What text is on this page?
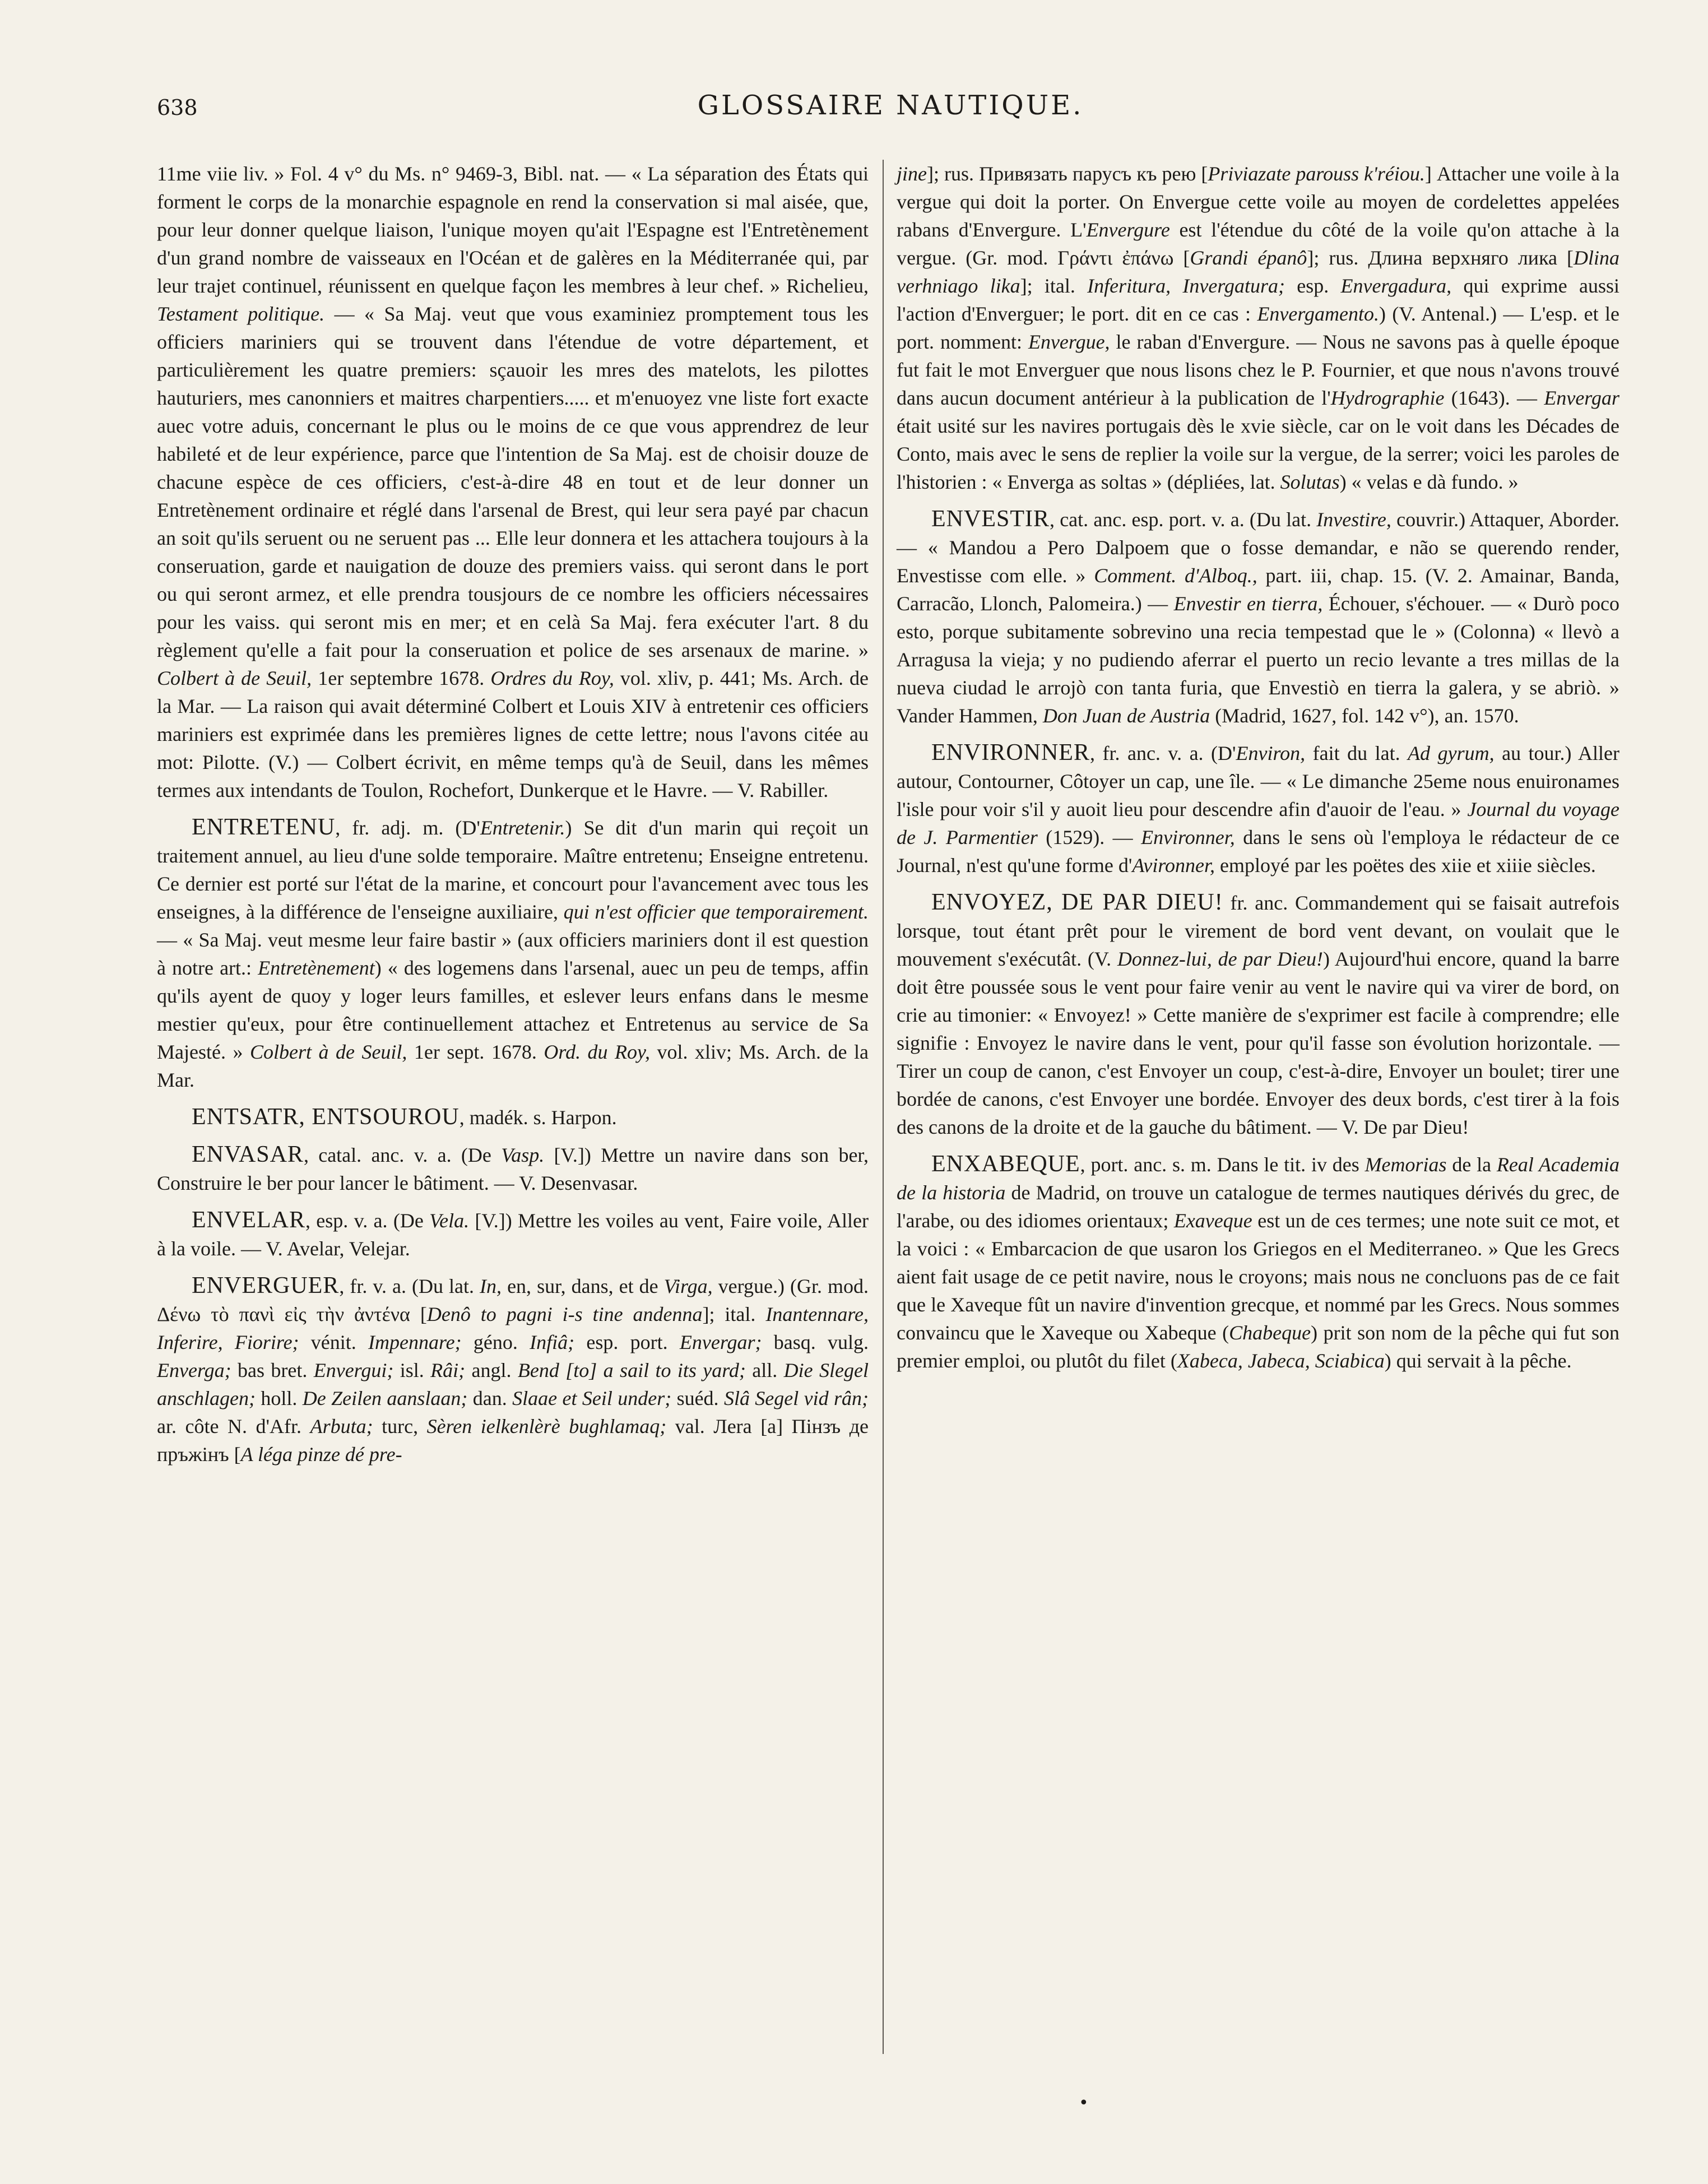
638	GLOSSAIRE NAUTIQUE.

11me viie liv. » Fol. 4 v° du Ms. n° 9469-3, Bibl. nat. — « La séparation des États qui forment le corps de la monarchie espagnole en rend la conservation si mal aisée, que, pour leur donner quelque liaison, l'unique moyen qu'ait l'Espagne est l'Entretènement d'un grand nombre de vaisseaux en l'Océan et de galères en la Méditerranée qui, par leur trajet continuel, réunissent en quelque façon les membres à leur chef. » Richelieu, Testament politique. — « Sa Maj. veut que vous examiniez promptement tous les officiers mariniers qui se trouvent dans l'étendue de votre département, et particulièrement les quatre premiers: sçauoir les mres des matelots, les pilottes hauturiers, mes canonniers et maitres charpentiers..... et m'enuoyez vne liste fort exacte auec votre aduis, concernant le plus ou le moins de ce que vous apprendrez de leur habileté et de leur expérience, parce que l'intention de Sa Maj. est de choisir douze de chacune espèce de ces officiers, c'est-à-dire 48 en tout et de leur donner un Entretènement ordinaire et réglé dans l'arsenal de Brest, qui leur sera payé par chacun an soit qu'ils seruent ou ne seruent pas ... Elle leur donnera et les attachera toujours à la conseruation, garde et nauigation de douze des premiers vaiss. qui seront dans le port ou qui seront armez, et elle prendra tousjours de ce nombre les officiers nécessaires pour les vaiss. qui seront mis en mer; et en celà Sa Maj. fera exécuter l'art. 8 du règlement qu'elle a fait pour la conseruation et police de ses arsenaux de marine. » Colbert à de Seuil, 1er septembre 1678. Ordres du Roy, vol. xliv, p. 441; Ms. Arch. de la Mar. — La raison qui avait déterminé Colbert et Louis XIV à entretenir ces officiers mariniers est exprimée dans les premières lignes de cette lettre; nous l'avons citée au mot: Pilotte. (V.) — Colbert écrivit, en même temps qu'à de Seuil, dans les mêmes termes aux intendants de Toulon, Rochefort, Dunkerque et le Havre. — V. Rabiller.

ENTRETENU, fr. adj. m. (D'Entretenir.) Se dit d'un marin qui reçoit un traitement annuel, au lieu d'une solde temporaire. Maître entretenu; Enseigne entretenu. Ce dernier est porté sur l'état de la marine, et concourt pour l'avancement avec tous les enseignes, à la différence de l'enseigne auxiliaire, qui n'est officier que temporairement. — « Sa Maj. veut mesme leur faire bastir » (aux officiers mariniers dont il est question à notre art.: Entretènement) « des logemens dans l'arsenal, auec un peu de temps, affin qu'ils ayent de quoy y loger leurs familles, et eslever leurs enfans dans le mesme mestier qu'eux, pour être continuellement attachez et Entretenus au service de Sa Majesté. » Colbert à de Seuil, 1er sept. 1678. Ord. du Roy, vol. xliv; Ms. Arch. de la Mar.

ENTSATR, ENTSOUROU, madék. s. Harpon.

ENVASAR, catal. anc. v. a. (De Vasp. [V.]) Mettre un navire dans son ber, Construire le ber pour lancer le bâtiment. — V. Desenvasar.

ENVELAR, esp. v. a. (De Vela. [V.]) Mettre les voiles au vent, Faire voile, Aller à la voile. — V. Avelar, Velejar.

ENVERGUER, fr. v. a. (Du lat. In, en, sur, dans, et de Virga, vergue.) (Gr. mod. Δένω τὸ πανὶ εἰς τὴν ἀντένα [Denô to pagni i-s tine andenna]; ital. Inantennare, Inferire, Fiorire; vénit. Impennare; géno. Infiâ; esp. port. Envergar; basq. vulg. Enverga; bas bret. Envergui; isl. Râi; angl. Bend [to] a sail to its yard; all. Die Slegel anschlagen; holl. De Zeilen aanslaan; dan. Slaae et Seil under; suéd. Slâ Segel vid rân; ar. côte N. d'Afr. Arbuta; turc, Sèren ielkenlèrè bughlamaq; val. Лera [a] Пінзъ де пръжінъ [A léga pinze dé pre-

jine]; rus. Привязать парусъ къ рею [Priviazate parouss k'réiou.] Attacher une voile à la vergue qui doit la porter. On Envergue cette voile au moyen de cordelettes appelées rabans d'Envergure. L'Envergure est l'étendue du côté de la voile qu'on attache à la vergue. (Gr. mod. Γράντι ἐπάνω [Grandi épanô]; rus. Длина верхняго лика [Dlina verhniago lika]; ital. Inferitura, Invergatura; esp. Envergadura, qui exprime aussi l'action d'Enverguer; le port. dit en ce cas : Envergamento.) (V. Antenal.) — L'esp. et le port. nomment: Envergue, le raban d'Envergure. — Nous ne savons pas à quelle époque fut fait le mot Enverguer que nous lisons chez le P. Fournier, et que nous n'avons trouvé dans aucun document antérieur à la publication de l'Hydrographie (1643). — Envergar était usité sur les navires portugais dès le xvie siècle, car on le voit dans les Décades de Conto, mais avec le sens de replier la voile sur la vergue, de la serrer; voici les paroles de l'historien : « Enverga as soltas » (dépliées, lat. Solutas) « velas e dà fundo. »

ENVESTIR, cat. anc. esp. port. v. a. (Du lat. Investire, couvrir.) Attaquer, Aborder. — « Mandou a Pero Dalpoem que o fosse demandar, e não se querendo render, Envestisse com elle. » Comment. d'Alboq., part. iii, chap. 15. (V. 2. Amainar, Banda, Carracão, Llonch, Palomeira.) — Envestir en tierra, Échouer, s'échouer. — « Durò poco esto, porque subitamente sobrevino una recia tempestad que le » (Colonna) « llevò a Arragusa la vieja; y no pudiendo aferrar el puerto un recio levante a tres millas de la nueva ciudad le arrojò con tanta furia, que Envestiò en tierra la galera, y se abriò. » Vander Hammen, Don Juan de Austria (Madrid, 1627, fol. 142 v°), an. 1570.

ENVIRONNER, fr. anc. v. a. (D'Environ, fait du lat. Ad gyrum, au tour.) Aller autour, Contourner, Côtoyer un cap, une île. — « Le dimanche 25eme nous enuironames l'isle pour voir s'il y auoit lieu pour descendre afin d'auoir de l'eau. » Journal du voyage de J. Parmentier (1529). — Environner, dans le sens où l'employa le rédacteur de ce Journal, n'est qu'une forme d'Avironner, employé par les poëtes des xiie et xiiie siècles.

ENVOYEZ, DE PAR DIEU! fr. anc. Commandement qui se faisait autrefois lorsque, tout étant prêt pour le virement de bord vent devant, on voulait que le mouvement s'exécutât. (V. Donnez-lui, de par Dieu!) Aujourd'hui encore, quand la barre doit être poussée sous le vent pour faire venir au vent le navire qui va virer de bord, on crie au timonier: « Envoyez! » Cette manière de s'exprimer est facile à comprendre; elle signifie : Envoyez le navire dans le vent, pour qu'il fasse son évolution horizontale. — Tirer un coup de canon, c'est Envoyer un coup, c'est-à-dire, Envoyer un boulet; tirer une bordée de canons, c'est Envoyer une bordée. Envoyer des deux bords, c'est tirer à la fois des canons de la droite et de la gauche du bâtiment. — V. De par Dieu!

ENXABEQUE, port. anc. s. m. Dans le tit. iv des Memorias de la Real Academia de la historia de Madrid, on trouve un catalogue de termes nautiques dérivés du grec, de l'arabe, ou des idiomes orientaux; Exaveque est un de ces termes; une note suit ce mot, et la voici : « Embarcacion de que usaron los Griegos en el Mediterraneo. » Que les Grecs aient fait usage de ce petit navire, nous le croyons; mais nous ne concluons pas de ce fait que le Xaveque fût un navire d'invention grecque, et nommé par les Grecs. Nous sommes convaincu que le Xaveque ou Xabeque (Chabeque) prit son nom de la pêche qui fut son premier emploi, ou plutôt du filet (Xabeca, Jabeca, Sciabica) qui servait à la pêche.

•
